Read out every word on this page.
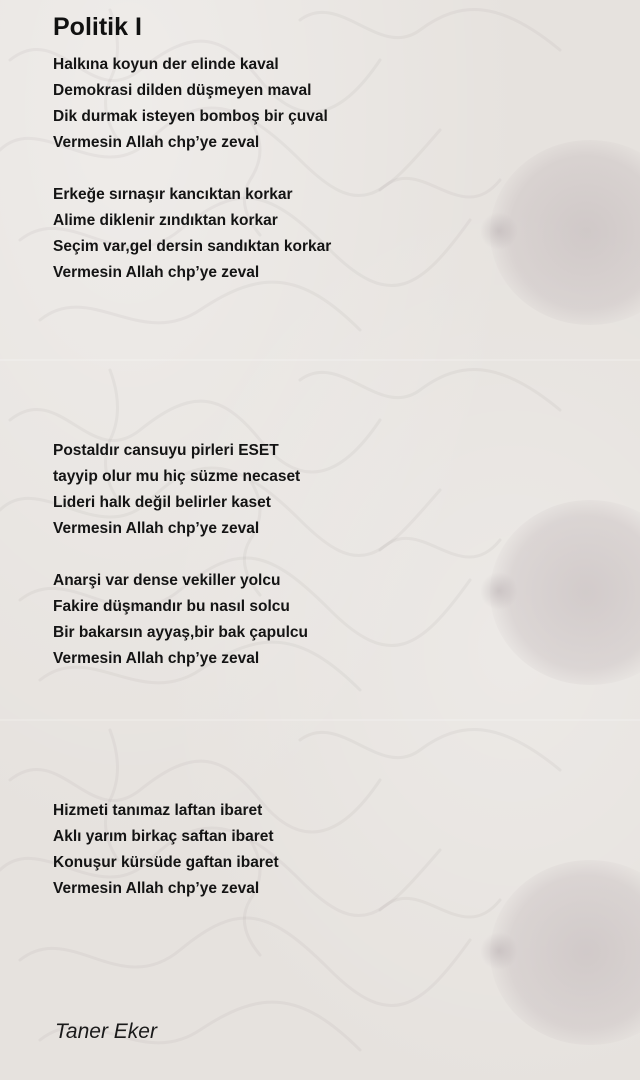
Politik I
Halkına koyun der elinde kaval
Demokrasi dilden düşmeyen maval
Dik durmak isteyen bomboş bir çuval
Vermesin Allah chp’ye zeval
Erkeğe sırnaşır kancıktan korkar
Alime diklenir zındıktan korkar
Seçim var,gel dersin sandıktan korkar
Vermesin Allah chp’ye zeval
Postaldır cansuyu pirleri ESET
tayyip olur mu hiç süzme necaset
Lideri halk değil belirler kaset
Vermesin Allah chp’ye zeval
Anarşi var dense vekiller yolcu
Fakire düşmandır bu nasıl solcu
Bir bakarsın ayyaş,bir bak çapulcu
Vermesin Allah chp’ye zeval
Hizmeti tanımaz laftan ibaret
Aklı yarım birkaç saftan ibaret
Konuşur kürsüde gaftan ibaret
Vermesin Allah chp’ye zeval
Taner Eker
